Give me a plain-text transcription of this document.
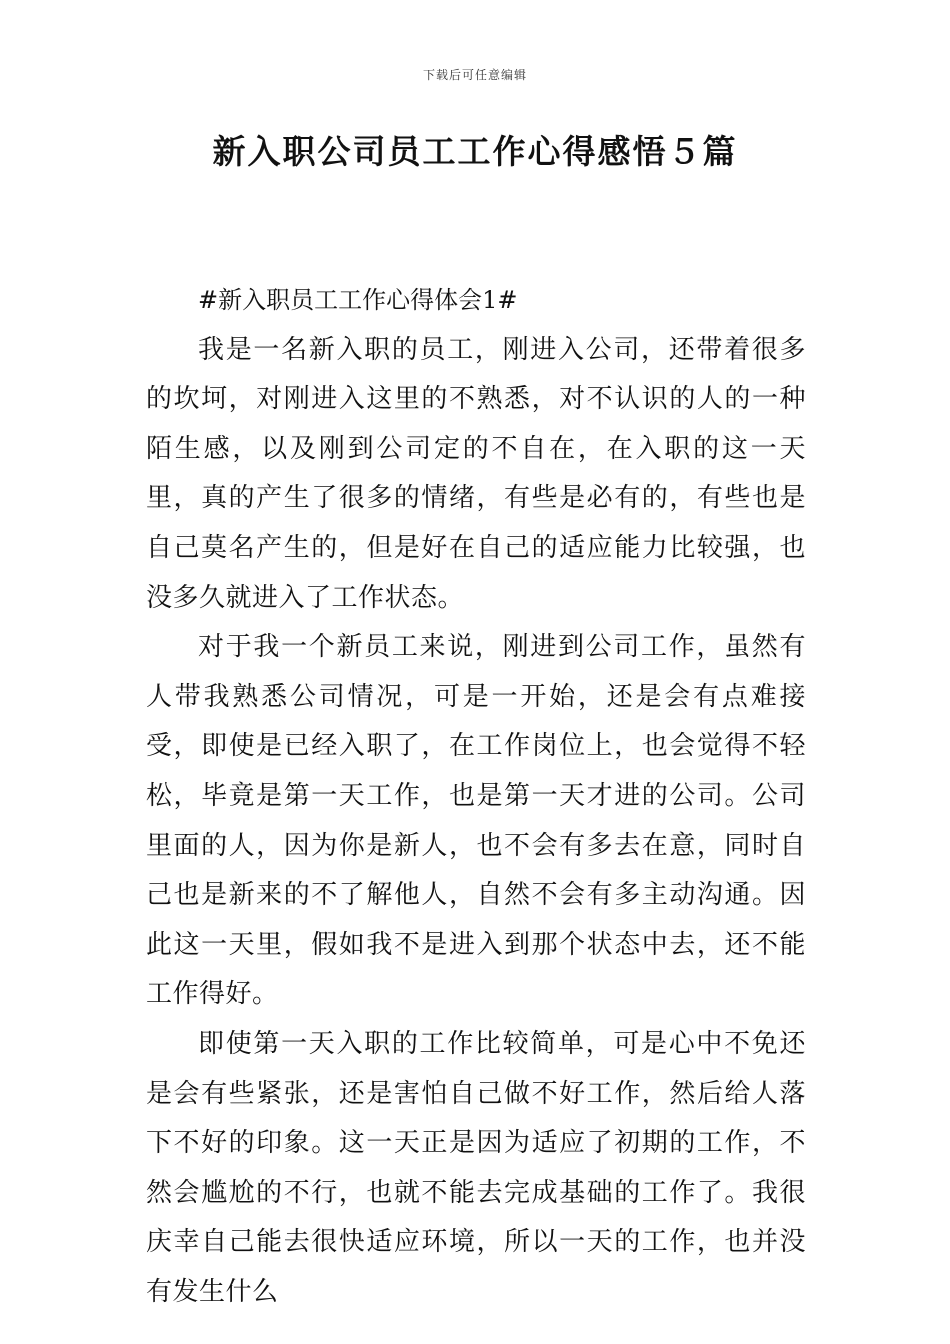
下载后可任意编辑
新入职公司员工工作心得感悟５篇
#新入职员工工作心得体会1#

我是一名新入职的员工，刚进入公司，还带着很多的坎坷，对刚进入这里的不熟悉，对不认识的人的一种陌生感，以及刚到公司定的不自在，在入职的这一天里，真的产生了很多的情绪，有些是必有的，有些也是自己莫名产生的，但是好在自己的适应能力比较强，也没多久就进入了工作状态。

对于我一个新员工来说，刚进到公司工作，虽然有人带我熟悉公司情况，可是一开始，还是会有点难接受，即使是已经入职了，在工作岗位上，也会觉得不轻松，毕竟是第一天工作，也是第一天才进的公司。公司里面的人，因为你是新人，也不会有多去在意，同时自己也是新来的不了解他人，自然不会有多主动沟通。因此这一天里，假如我不是进入到那个状态中去，还不能工作得好。

即使第一天入职的工作比较简单，可是心中不免还是会有些紧张，还是害怕自己做不好工作，然后给人落下不好的印象。这一天正是因为适应了初期的工作，不然会尴尬的不行，也就不能去完成基础的工作了。我很庆幸自己能去很快适应环境，所以一天的工作，也并没有发生什么
